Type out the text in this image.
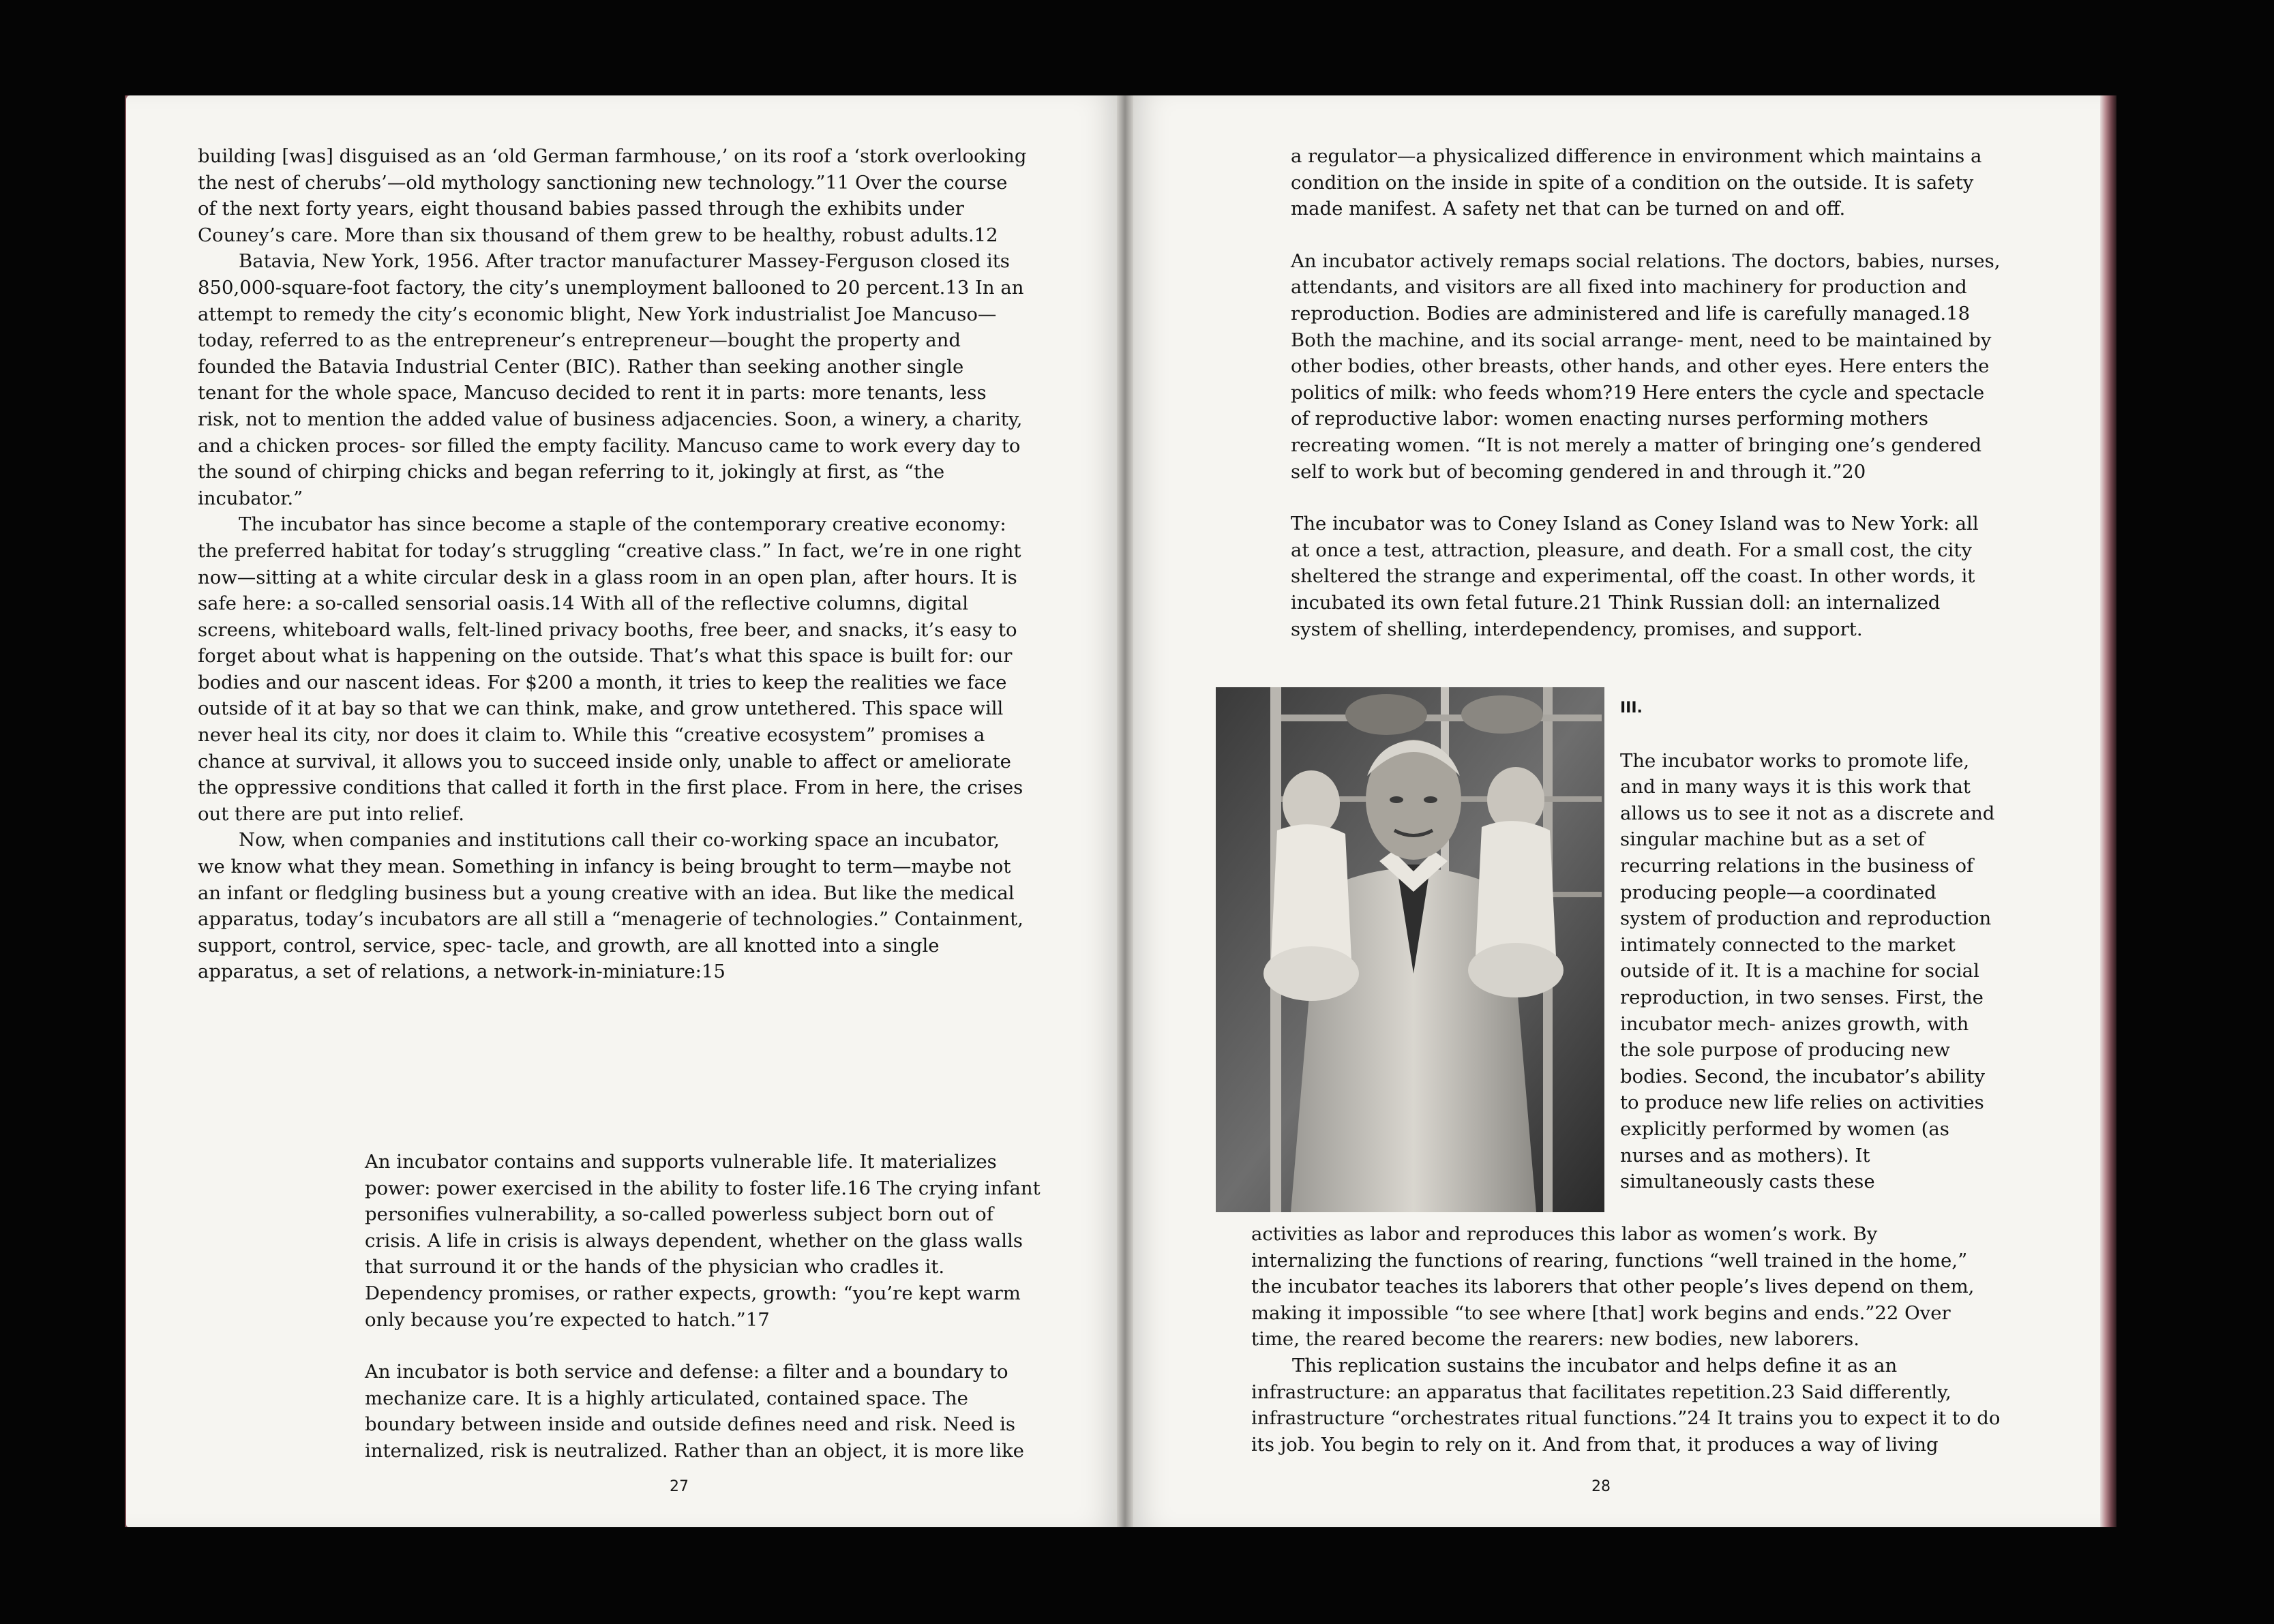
building [was] disguised as an ‘old German farmhouse,’ on its roof a ‘stork overlooking the nest of cherubs’—old mythology sanctioning new technology.”11 Over the course of the next forty years, eight thousand babies passed through the exhibits under Couney’s care. More than six thousand of them grew to be healthy, robust adults.12

Batavia, New York, 1956. After tractor manufacturer Massey-Ferguson closed its 850,000-square-foot factory, the city’s unemployment ballooned to 20 percent.13 In an attempt to remedy the city’s economic blight, New York industrialist Joe Mancuso—today, referred to as the entrepreneur’s entrepreneur—bought the property and founded the Batavia Industrial Center (BIC). Rather than seeking another single tenant for the whole space, Mancuso decided to rent it in parts: more tenants, less risk, not to mention the added value of business adjacencies. Soon, a winery, a charity, and a chicken proces- sor filled the empty facility. Mancuso came to work every day to the sound of chirping chicks and began referring to it, jokingly at first, as “the incubator.”

The incubator has since become a staple of the contemporary creative economy: the preferred habitat for today’s struggling “creative class.” In fact, we’re in one right now—sitting at a white circular desk in a glass room in an open plan, after hours. It is safe here: a so-called sensorial oasis.14 With all of the reflective columns, digital screens, whiteboard walls, felt-lined privacy booths, free beer, and snacks, it’s easy to forget about what is happening on the outside. That’s what this space is built for: our bodies and our nascent ideas. For $200 a month, it tries to keep the realities we face outside of it at bay so that we can think, make, and grow untethered. This space will never heal its city, nor does it claim to. While this “creative ecosystem” promises a chance at survival, it allows you to succeed inside only, unable to affect or ameliorate the oppressive conditions that called it forth in the first place. From in here, the crises out there are put into relief.

Now, when companies and institutions call their co-working space an incubator, we know what they mean. Something in infancy is being brought to term—maybe not an infant or fledgling business but a young creative with an idea. But like the medical apparatus, today’s incubators are all still a “menagerie of technologies.” Containment, support, control, service, spec- tacle, and growth, are all knotted into a single apparatus, a set of relations, a network-in-miniature:15

An incubator contains and supports vulnerable life. It materializes power: power exercised in the ability to foster life.16 The crying infant personifies vulnerability, a so-called powerless subject born out of crisis. A life in crisis is always dependent, whether on the glass walls that surround it or the hands of the physician who cradles it. Dependency promises, or rather expects, growth: “you’re kept warm only because you’re expected to hatch.”17

An incubator is both service and defense: a filter and a boundary to mechanize care. It is a highly articulated, contained space. The boundary between inside and outside defines need and risk. Need is internalized, risk is neutralized. Rather than an object, it is more like

27

a regulator—a physicalized difference in environment which maintains a condition on the inside in spite of a condition on the outside. It is safety made manifest. A safety net that can be turned on and off.

An incubator actively remaps social relations. The doctors, babies, nurses, attendants, and visitors are all fixed into machinery for production and reproduction. Bodies are administered and life is carefully managed.18 Both the machine, and its social arrange- ment, need to be maintained by other bodies, other breasts, other hands, and other eyes. Here enters the politics of milk: who feeds whom?19 Here enters the cycle and spectacle of reproductive labor: women enacting nurses performing mothers recreating women. “It is not merely a matter of bringing one’s gendered self to work but of becoming gendered in and through it.”20

The incubator was to Coney Island as Coney Island was to New York: all at once a test, attraction, pleasure, and death. For a small cost, the city sheltered the strange and experimental, off the coast. In other words, it incubated its own fetal future.21 Think Russian doll: an internalized system of shelling, interdependency, promises, and support.

III.

The incubator works to promote life, and in many ways it is this work that allows us to see it not as a discrete and singular machine but as a set of recurring relations in the business of producing people—a coordinated system of production and reproduction intimately connected to the market outside of it. It is a machine for social reproduction, in two senses. First, the incubator mech- anizes growth, with the sole purpose of producing new bodies. Second, the incubator’s ability to produce new life relies on activities explicitly performed by women (as nurses and as mothers). It simultaneously casts these

activities as labor and reproduces this labor as women’s work. By internalizing the functions of rearing, functions “well trained in the home,” the incubator teaches its laborers that other people’s lives depend on them, making it impossible “to see where [that] work begins and ends.”22 Over time, the reared become the rearers: new bodies, new laborers.

This replication sustains the incubator and helps define it as an infrastructure: an apparatus that facilitates repetition.23 Said differently, infrastructure “orchestrates ritual functions.”24 It trains you to expect it to do its job. You begin to rely on it. And from that, it produces a way of living

28
